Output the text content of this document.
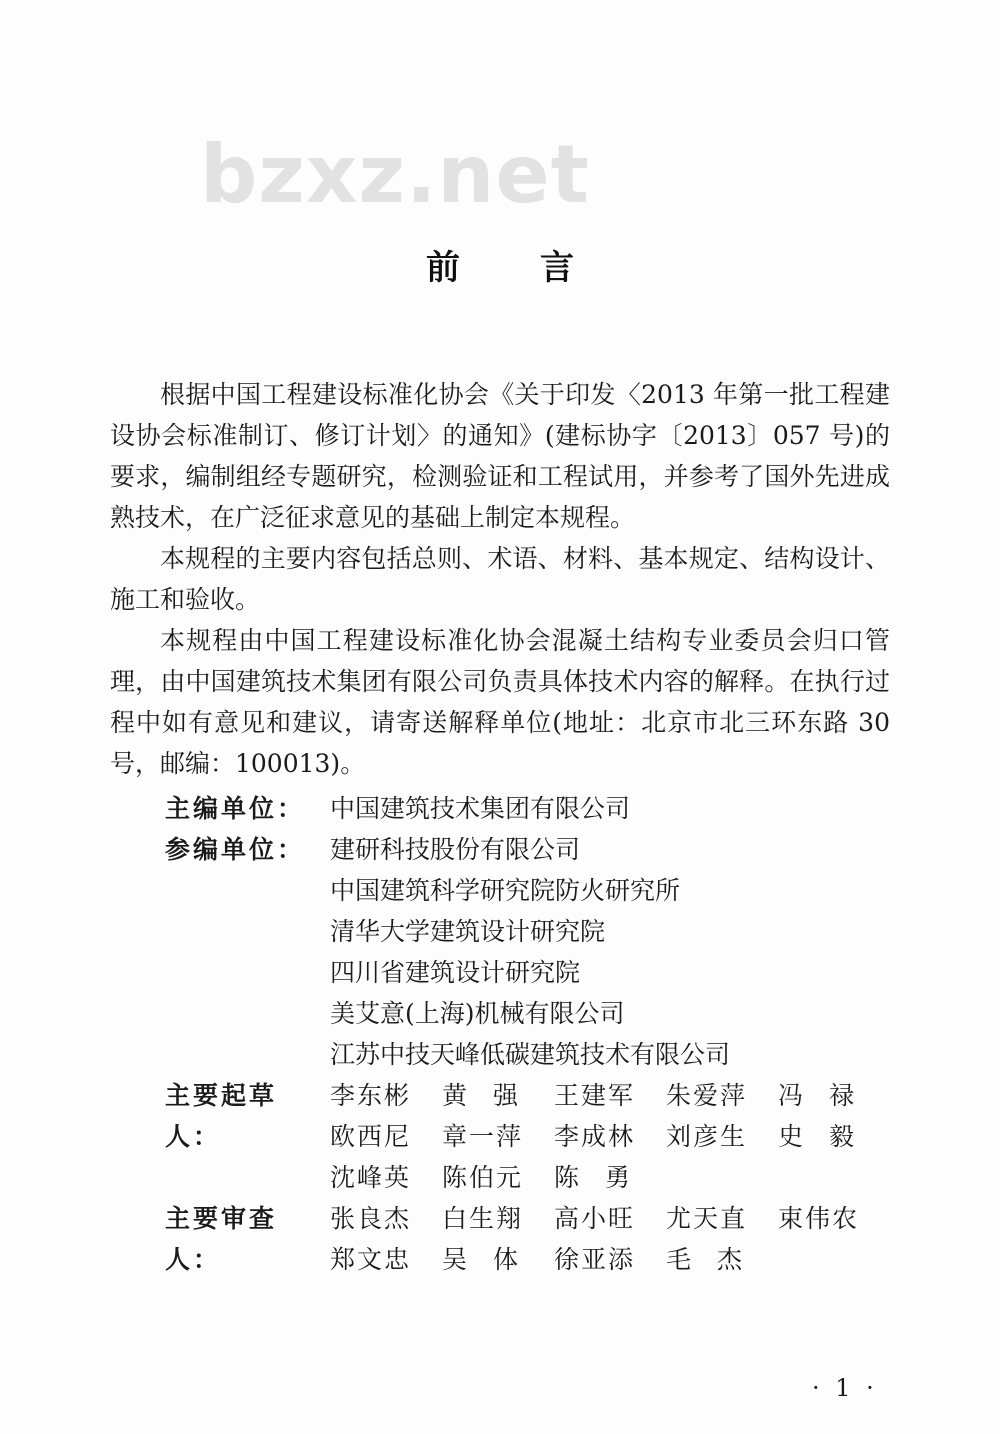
bzxz.net
前言

根据中国工程建设标准化协会《关于印发〈2013 年第一批工程建设协会标准制订、修订计划〉的通知》(建标协字〔2013〕057 号)的要求，编制组经专题研究，检测验证和工程试用，并参考了国外先进成熟技术，在广泛征求意见的基础上制定本规程。

本规程的主要内容包括总则、术语、材料、基本规定、结构设计、施工和验收。

本规程由中国工程建设标准化协会混凝土结构专业委员会归口管理，由中国建筑技术集团有限公司负责具体技术内容的解释。在执行过程中如有意见和建议，请寄送解释单位(地址：北京市北三环东路 30 号，邮编：100013)。

主编单位： 中国建筑技术集团有限公司
参编单位： 建研科技股份有限公司
中国建筑科学研究院防火研究所
清华大学建筑设计研究院
四川省建筑设计研究院
美艾意(上海)机械有限公司
江苏中技天峰低碳建筑技术有限公司
主要起草人：
李东彬	黄强 王建军	朱爱萍	冯禄
欧西尼	章一萍	李成林	刘彦生	史毅
沈峰英	陈伯元	陈勇
主要审查人：
张良杰	白生翔	高小旺	尤天直	束伟农
郑文忠	吴体 徐亚添	毛杰
· 1 ·
